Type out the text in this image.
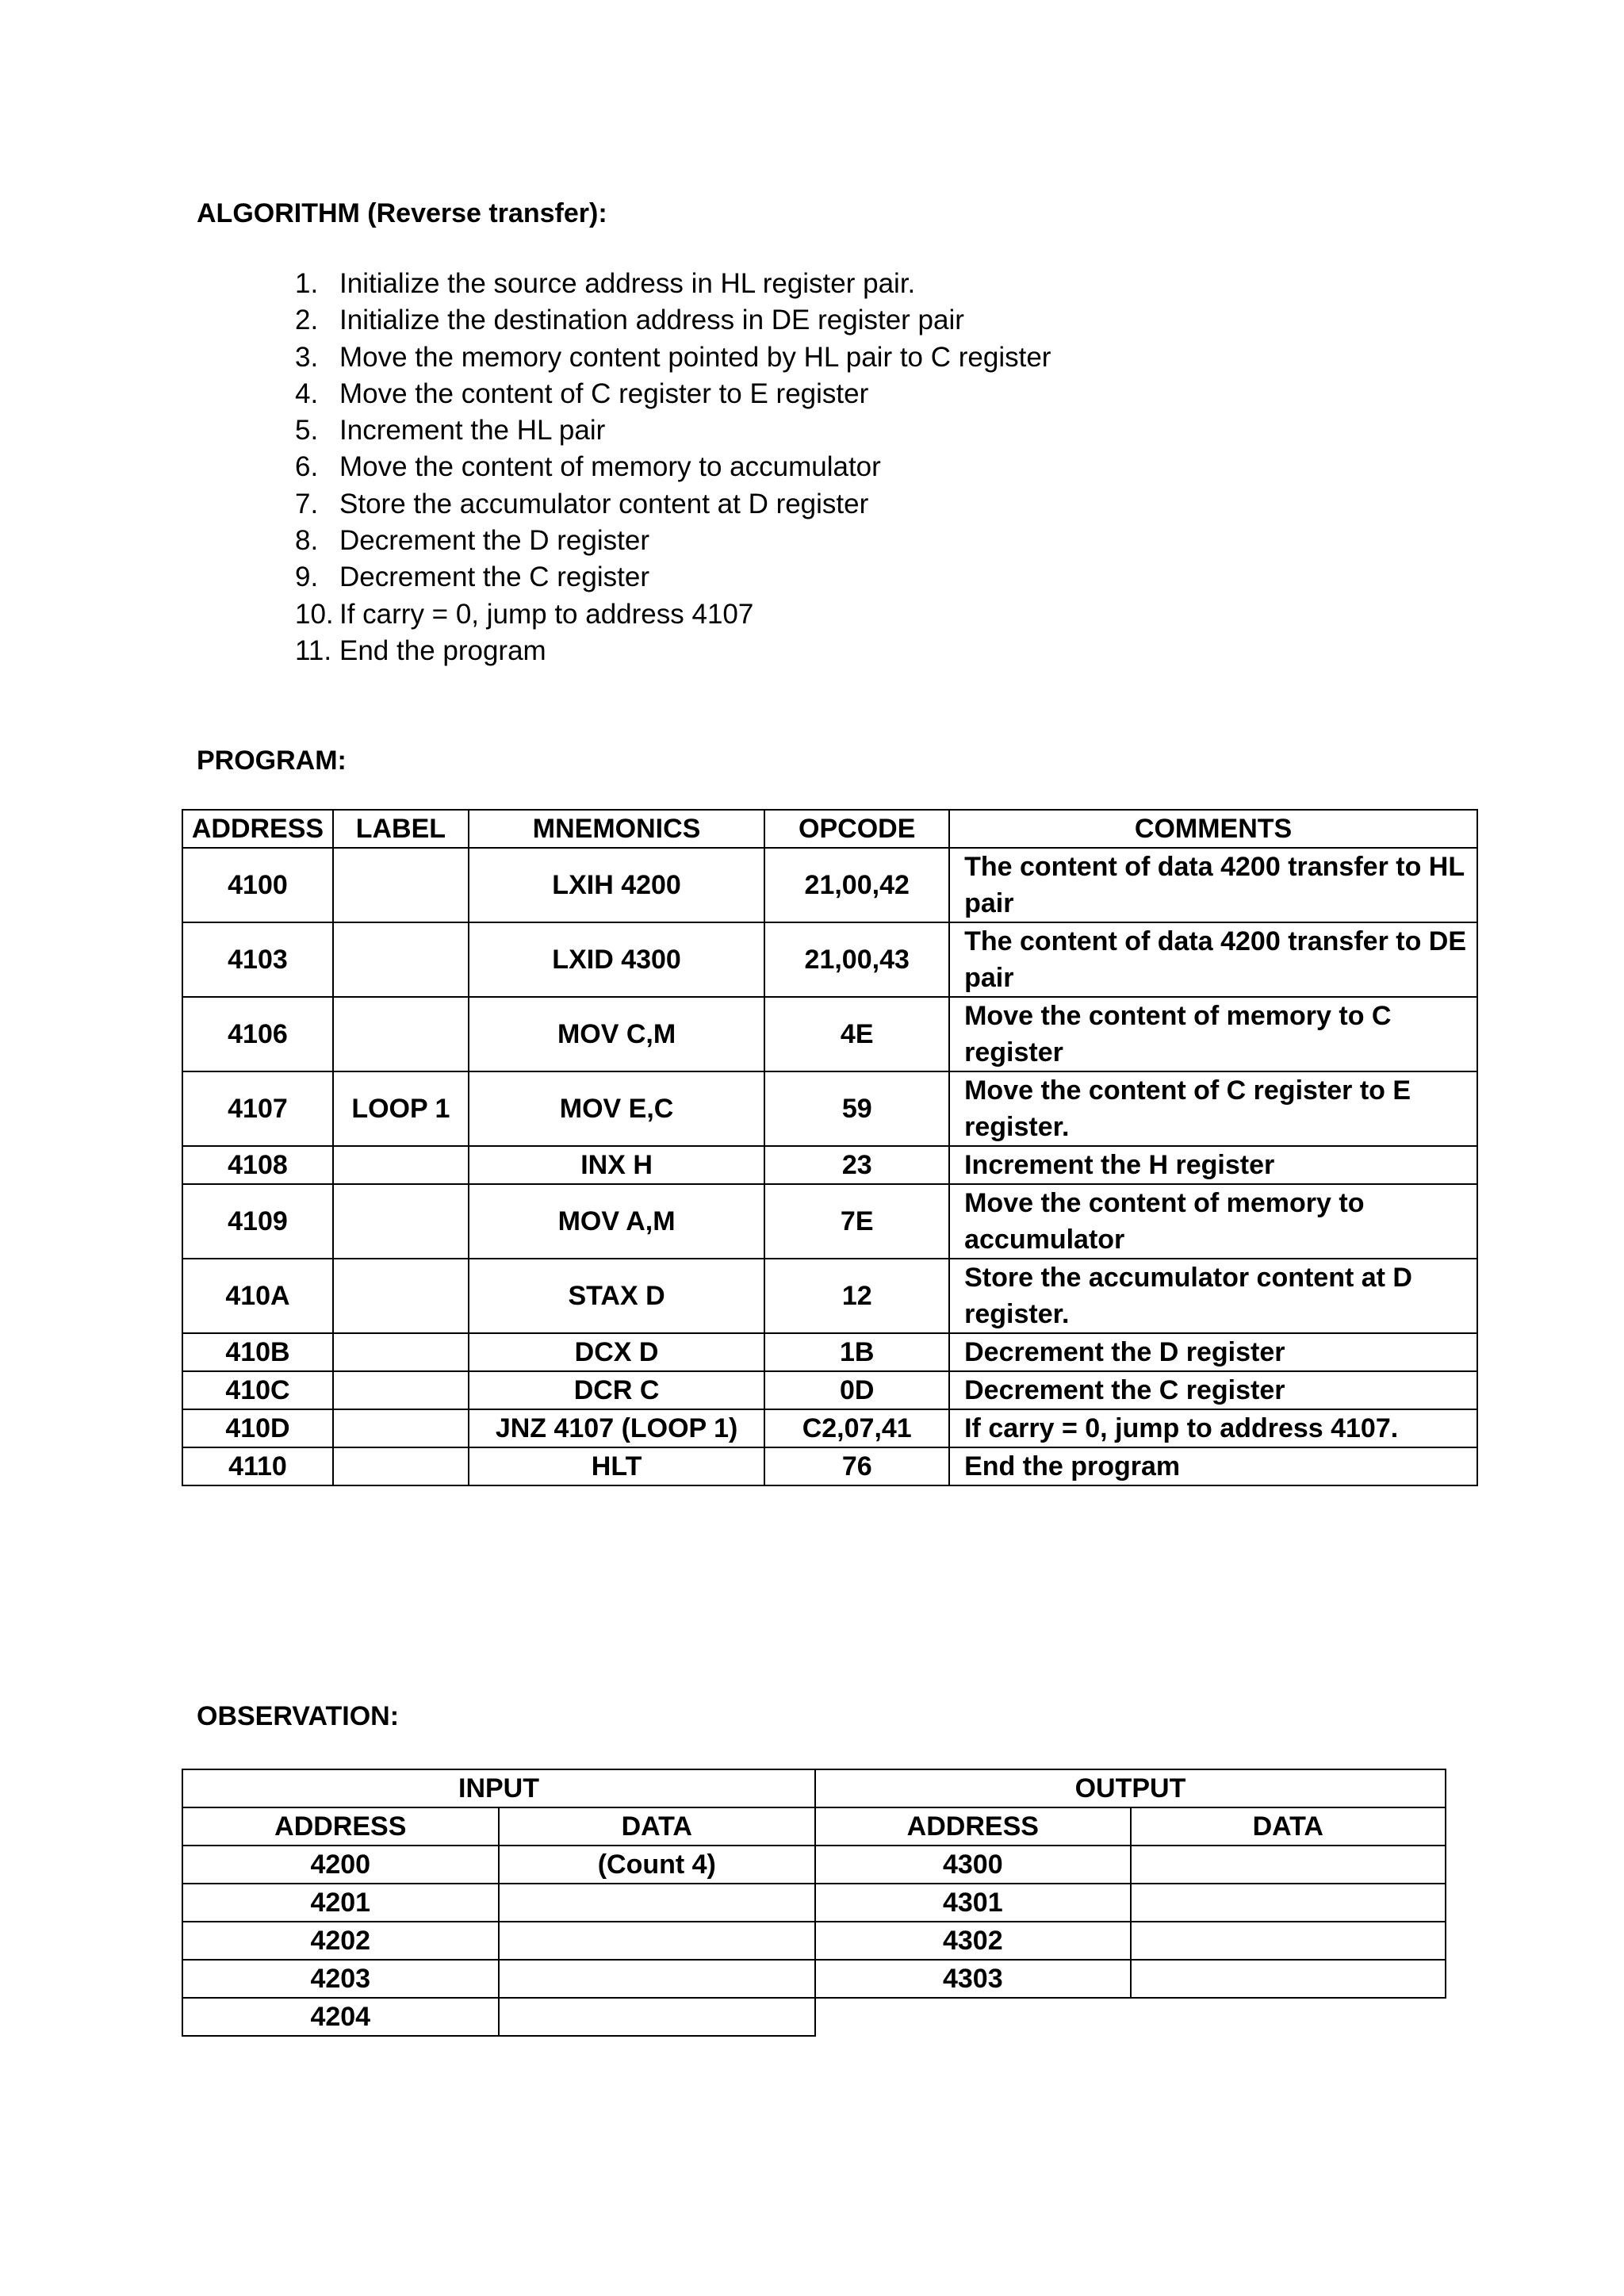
ALGORITHM (Reverse transfer):
1. Initialize the source address in HL register pair.
2. Initialize the destination address in DE register pair
3. Move the memory content pointed by HL pair to C register
4. Move the content of C register to E register
5. Increment the HL pair
6. Move the content of memory to accumulator
7. Store the accumulator content at D register
8. Decrement the D register
9. Decrement the C register
10. If carry = 0, jump to address 4107
11. End the program
PROGRAM:
ADDRESS	LABEL	MNEMONICS	OPCODE	COMMENTS
4100		LXIH 4200	21,00,42	The content of data 4200 transfer to HL pair
4103		LXID 4300	21,00,43	The content of data 4200 transfer to DE pair
4106		MOV C,M	4E	Move the content of memory to C register
4107	LOOP 1	MOV E,C	59	Move the content of C register to E register.
4108		INX H	23	Increment the H register
4109		MOV A,M	7E	Move the content of memory to accumulator
410A		STAX D	12	Store the accumulator content at D register.
410B		DCX D	1B	Decrement the D register
410C		DCR C	0D	Decrement the C register
410D		JNZ 4107 (LOOP 1)	C2,07,41	If carry = 0, jump to address 4107.
4110		HLT	76	End the program
OBSERVATION:
INPUT		OUTPUT	
ADDRESS	DATA	ADDRESS	DATA
4200	(Count 4)	4300	
4201		4301	
4202		4302	
4203		4303	
4204			
